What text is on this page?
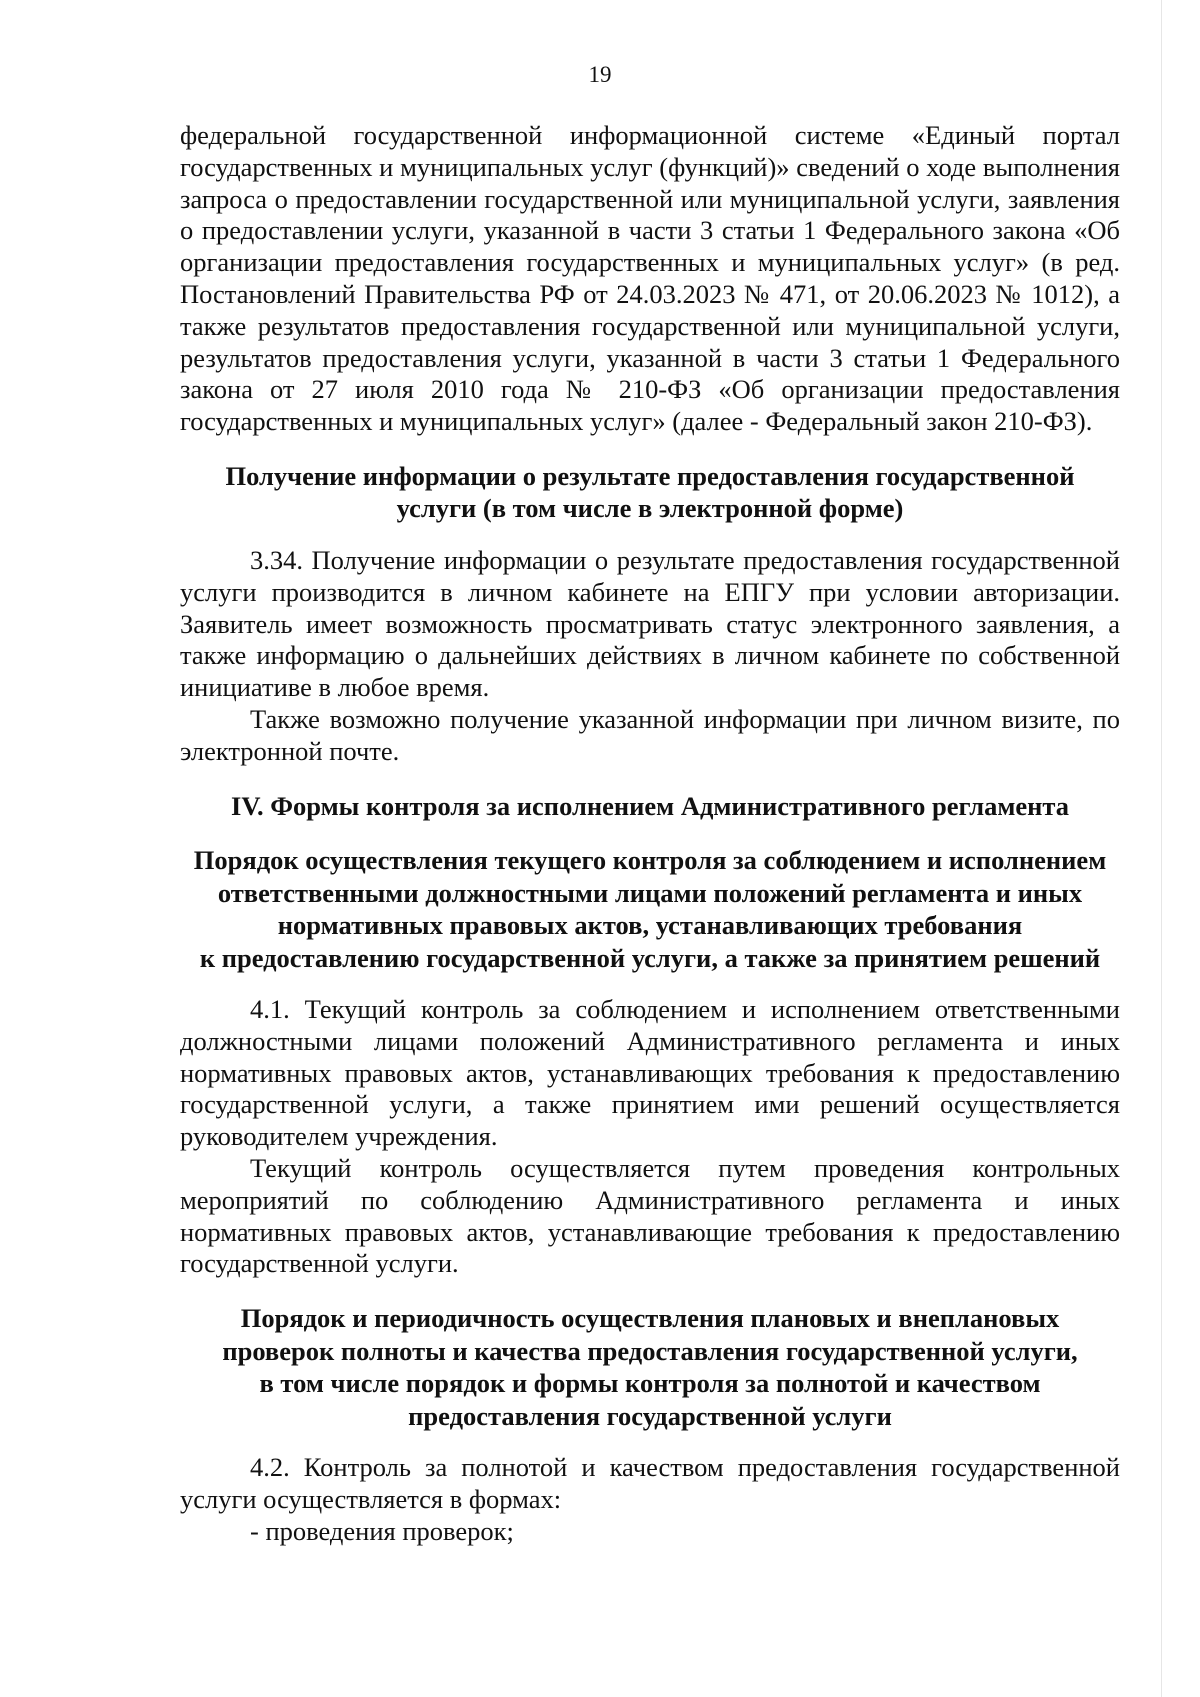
19

федеральной государственной информационной системе «Единый портал государственных и муниципальных услуг (функций)» сведений о ходе выполнения запроса о предоставлении государственной или муниципальной услуги, заявления о предоставлении услуги, указанной в части 3 статьи 1 Федерального закона «Об организации предоставления государственных и муниципальных услуг» (в ред. Постановлений Правительства РФ от 24.03.2023 № 471, от 20.06.2023 № 1012), а также результатов предоставления государственной или муниципальной услуги, результатов предоставления услуги, указанной в части 3 статьи 1 Федерального закона от 27 июля 2010 года № 210-ФЗ «Об организации предоставления государственных и муниципальных услуг» (далее - Федеральный закон 210-ФЗ).

Получение информации о результате предоставления государственной
услуги (в том числе в электронной форме)

3.34. Получение информации о результате предоставления государственной услуги производится в личном кабинете на ЕПГУ при условии авторизации. Заявитель имеет возможность просматривать статус электронного заявления, а также информацию о дальнейших действиях в личном кабинете по собственной инициативе в любое время.

Также возможно получение указанной информации при личном визите, по электронной почте.

IV. Формы контроля за исполнением Административного регламента
Порядок осуществления текущего контроля за соблюдением и исполнением
ответственными должностными лицами положений регламента и иных
нормативных правовых актов, устанавливающих требования
к предоставлению государственной услуги, а также за принятием решений

4.1. Текущий контроль за соблюдением и исполнением ответственными должностными лицами положений Административного регламента и иных нормативных правовых актов, устанавливающих требования к предоставлению государственной услуги, а также принятием ими решений осуществляется руководителем учреждения.

Текущий контроль осуществляется путем проведения контрольных мероприятий по соблюдению Административного регламента и иных нормативных правовых актов, устанавливающие требования к предоставлению государственной услуги.

Порядок и периодичность осуществления плановых и внеплановых
проверок полноты и качества предоставления государственной услуги,
в том числе порядок и формы контроля за полнотой и качеством
предоставления государственной услуги

4.2. Контроль за полнотой и качеством предоставления государственной услуги осуществляется в формах:

- проведения проверок;
